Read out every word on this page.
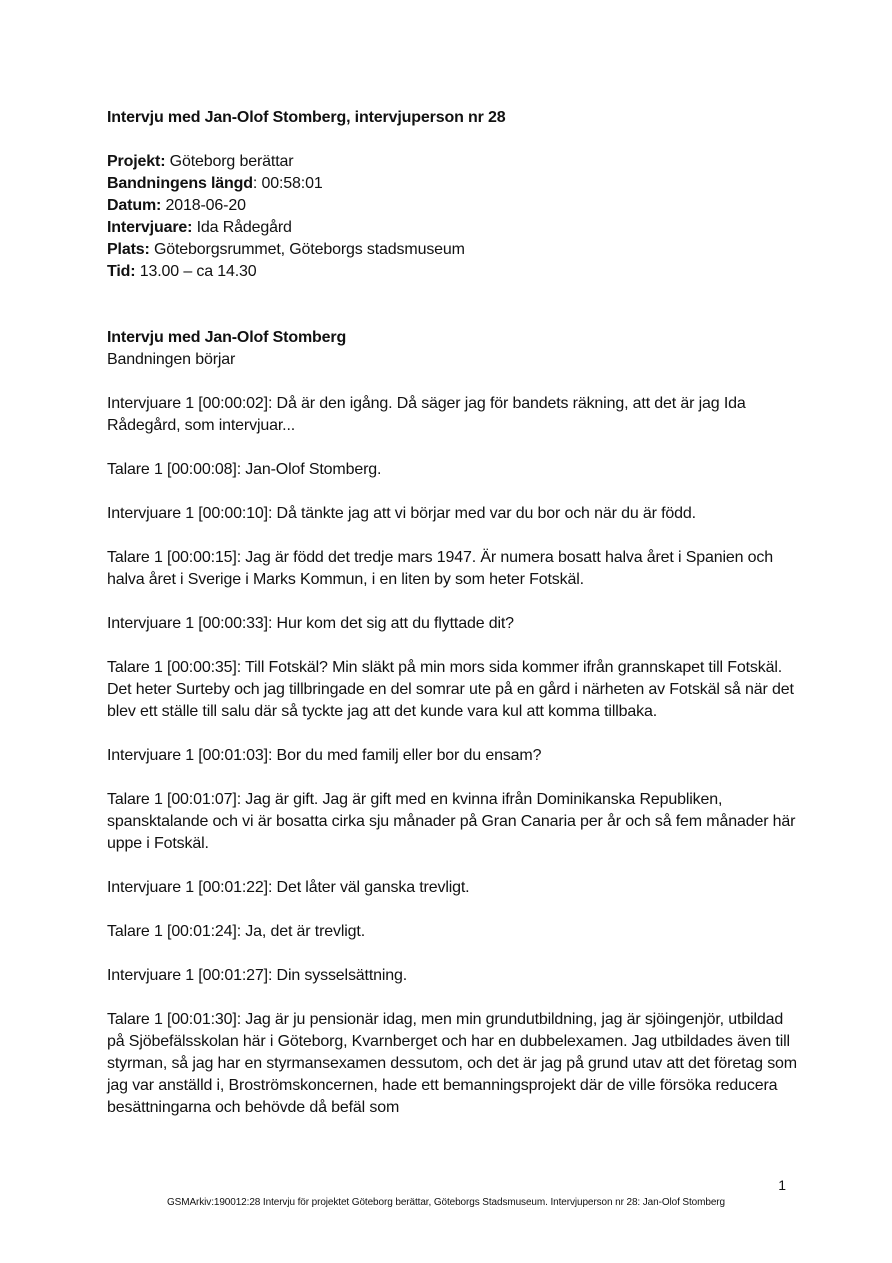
Intervju med Jan-Olof Stomberg, intervjuperson nr 28

Projekt: Göteborg berättar

Bandningens längd: 00:58:01

Datum: 2018-06-20

Intervjuare: Ida Rådegård

Plats: Göteborgsrummet, Göteborgs stadsmuseum

Tid: 13.00 – ca 14.30

Intervju med Jan-Olof Stomberg

Bandningen börjar

Intervjuare 1 [00:00:02]: Då är den igång. Då säger jag för bandets räkning, att det är jag Ida Rådegård, som intervjuar...

Talare 1 [00:00:08]: Jan-Olof Stomberg.

Intervjuare 1 [00:00:10]: Då tänkte jag att vi börjar med var du bor och när du är född.

Talare 1 [00:00:15]: Jag är född det tredje mars 1947. Är numera bosatt halva året i Spanien och halva året i Sverige i Marks Kommun, i en liten by som heter Fotskäl.

Intervjuare 1 [00:00:33]: Hur kom det sig att du flyttade dit?

Talare 1 [00:00:35]: Till Fotskäl? Min släkt på min mors sida kommer ifrån grannskapet till Fotskäl. Det heter Surteby och jag tillbringade en del somrar ute på en gård i närheten av Fotskäl så när det blev ett ställe till salu där så tyckte jag att det kunde vara kul att komma tillbaka.

Intervjuare 1 [00:01:03]: Bor du med familj eller bor du ensam?

Talare 1 [00:01:07]: Jag är gift. Jag är gift med en kvinna ifrån Dominikanska Republiken, spansktalande och vi är bosatta cirka sju månader på Gran Canaria per år och så fem månader här uppe i Fotskäl.

Intervjuare 1 [00:01:22]: Det låter väl ganska trevligt.

Talare 1 [00:01:24]: Ja, det är trevligt.

Intervjuare 1 [00:01:27]: Din sysselsättning.

Talare 1 [00:01:30]: Jag är ju pensionär idag, men min grundutbildning, jag är sjöingenjör, utbildad på Sjöbefälsskolan här i Göteborg, Kvarnberget och har en dubbelexamen. Jag utbildades även till styrman, så jag har en styrmansexamen dessutom, och det är jag på grund utav att det företag som jag var anställd i, Broströmskoncernen, hade ett bemanningsprojekt där de ville försöka reducera besättningarna och behövde då befäl som

1
GSMArkiv:190012:28 Intervju för projektet Göteborg berättar, Göteborgs Stadsmuseum. Intervjuperson nr 28: Jan-Olof Stomberg
